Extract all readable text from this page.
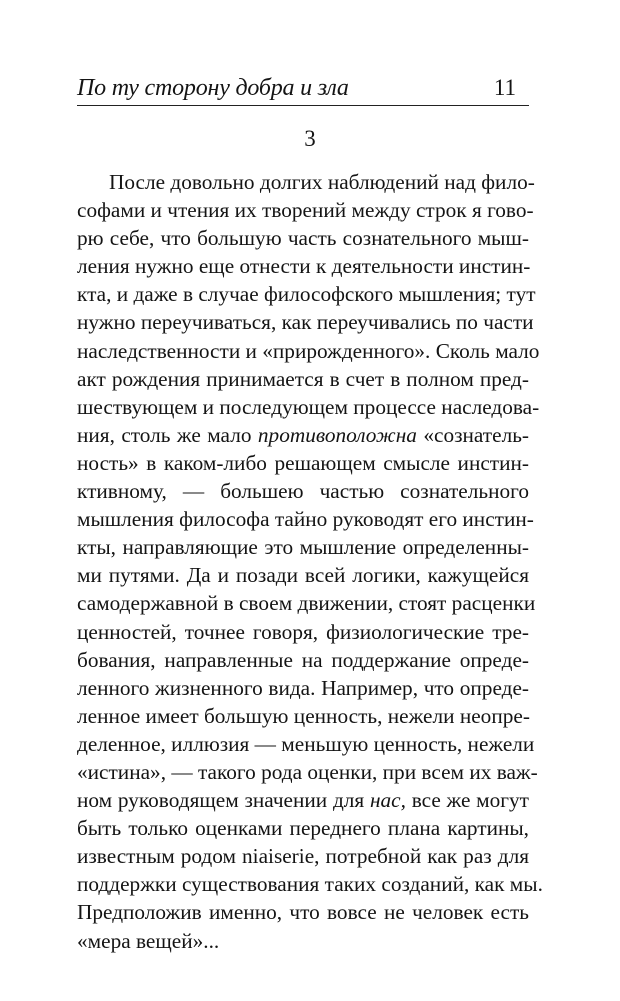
По ту сторону добра и зла	11
3

После довольно долгих наблюдений над фило-
софами и чтения их творений между строк я гово-
рю себе, что большую часть сознательного мыш-
ления нужно еще отнести к деятельности инстин-
кта, и даже в случае философского мышления; тут
нужно переучиваться, как переучивались по части
наследственности и «прирожденного». Сколь мало
акт рождения принимается в счет в полном пред-
шествующем и последующем процессе наследова-
ния, столь же мало противоположна «сознатель-
ность» в каком-либо решающем смысле инстин-
ктивному, — большею частью сознательного
мышления философа тайно руководят его инстин-
кты, направляющие это мышление определенны-
ми путями. Да и позади всей логики, кажущейся
самодержавной в своем движении, стоят расценки
ценностей, точнее говоря, физиологические тре-
бования, направленные на поддержание опреде-
ленного жизненного вида. Например, что опреде-
ленное имеет большую ценность, нежели неопре-
деленное, иллюзия — меньшую ценность, нежели
«истина», — такого рода оценки, при всем их важ-
ном руководящем значении для нас, все же могут
быть только оценками переднего плана картины,
известным родом niaiserie, потребной как раз для
поддержки существования таких созданий, как мы.
Предположив именно, что вовсе не человек есть
«мера вещей»...
